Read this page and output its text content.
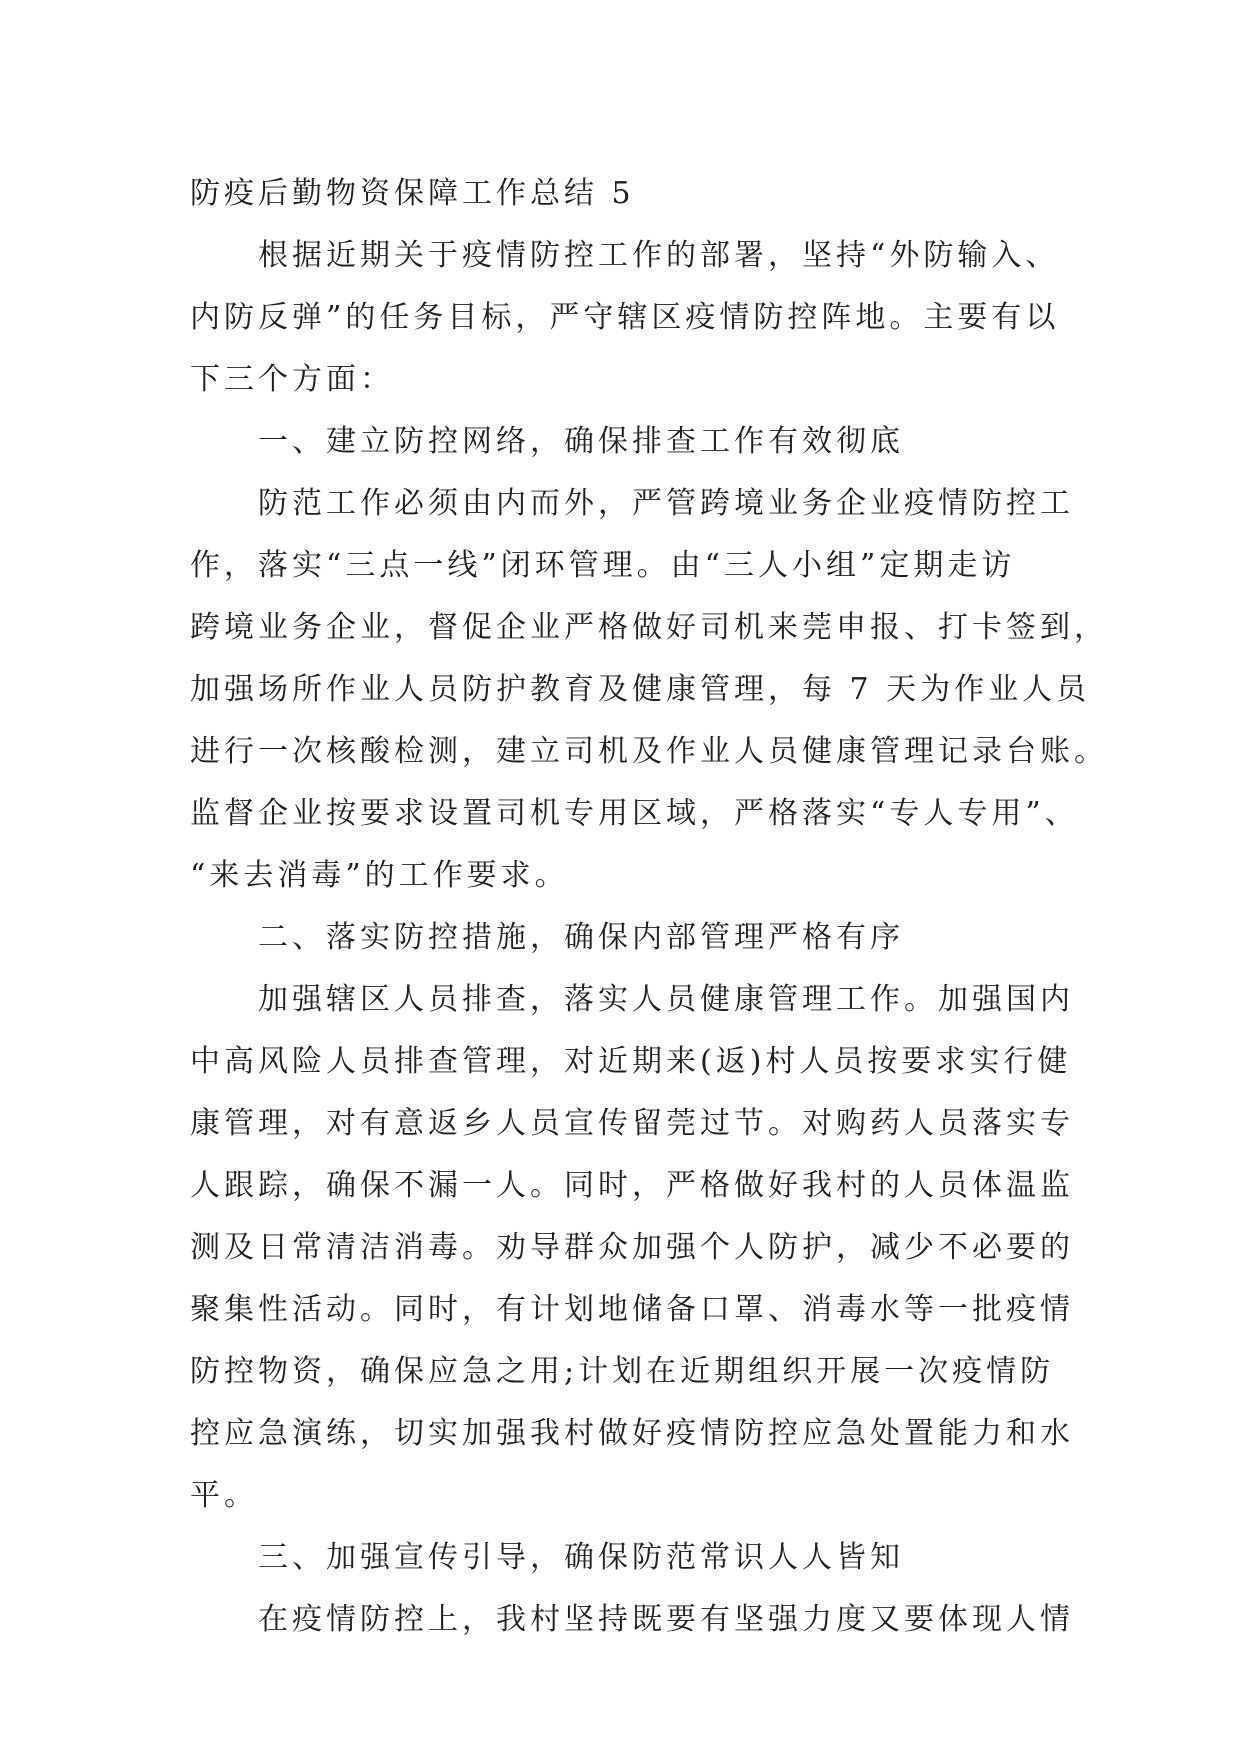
防疫后勤物资保障工作总结 5
根据近期关于疫情防控工作的部署，坚持“外防输入、
内防反弹”的任务目标，严守辖区疫情防控阵地。主要有以
下三个方面：
一、建立防控网络，确保排查工作有效彻底
防范工作必须由内而外，严管跨境业务企业疫情防控工
作，落实“三点一线”闭环管理。由“三人小组”定期走访
跨境业务企业，督促企业严格做好司机来莞申报、打卡签到，
加强场所作业人员防护教育及健康管理，每 7 天为作业人员
进行一次核酸检测，建立司机及作业人员健康管理记录台账。
监督企业按要求设置司机专用区域，严格落实“专人专用”、
“来去消毒”的工作要求。
二、落实防控措施，确保内部管理严格有序
加强辖区人员排查，落实人员健康管理工作。加强国内
中高风险人员排查管理，对近期来(返)村人员按要求实行健
康管理，对有意返乡人员宣传留莞过节。对购药人员落实专
人跟踪，确保不漏一人。同时，严格做好我村的人员体温监
测及日常清洁消毒。劝导群众加强个人防护，减少不必要的
聚集性活动。同时，有计划地储备口罩、消毒水等一批疫情
防控物资，确保应急之用;计划在近期组织开展一次疫情防
控应急演练，切实加强我村做好疫情防控应急处置能力和水
平。
三、加强宣传引导，确保防范常识人人皆知
在疫情防控上，我村坚持既要有坚强力度又要体现人情
